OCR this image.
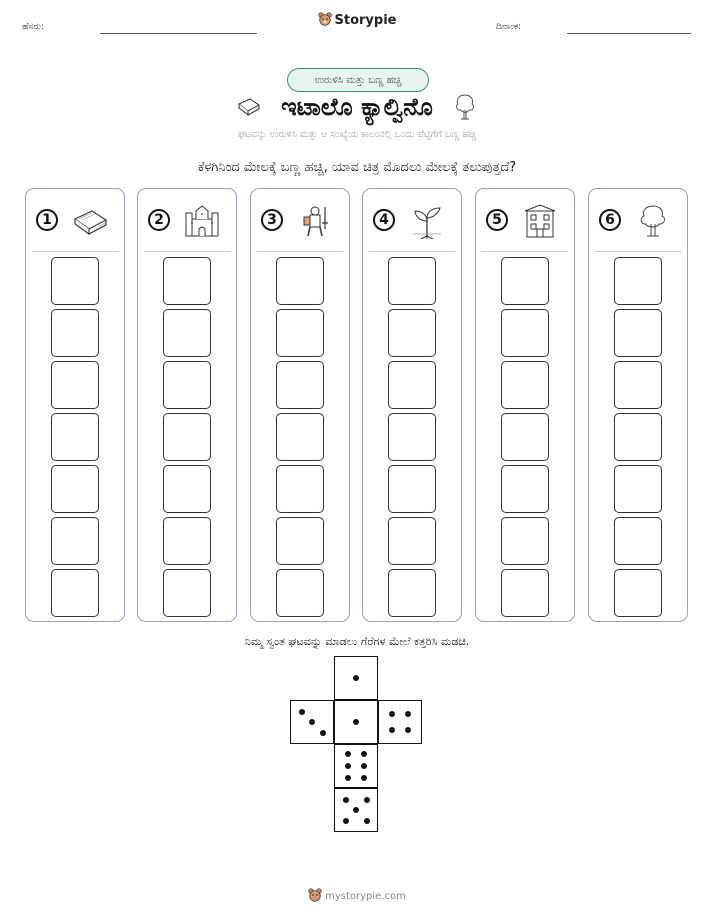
ಹೆಸರು:	ದಿನಾಂಕ:
Storypie
ಉರುಳಿಸಿ ಮತ್ತು ಬಣ್ಣ ಹಚ್ಚಿ
ಇಟಾಲೊ ಕ್ಯಾಲ್ವಿನೊ
ಘಟವನ್ನು ಉರುಳಿಸಿ ಮತ್ತು ಆ ಸಂಖ್ಯೆಯ ಕಾಲಂನಲ್ಲಿ ಒಂದು ಪೆಟ್ಟಿಗೆಗೆ ಬಣ್ಣ ಹಚ್ಚಿ
ಕೆಳಗಿನಿಂದ ಮೇಲಕ್ಕೆ ಬಣ್ಣ ಹಚ್ಚಿ, ಯಾವ ಚಿತ್ರ ಮೊದಲು ಮೇಲಕ್ಕೆ ತಲುಪುತ್ತದೆ?
1	2	3	4	5	6
ನಿಮ್ಮ ಸ್ವಂತ ಘಟವನ್ನು ಮಾಡಲು ಗೆರೆಗಳ ಮೇಲೆ ಕತ್ತರಿಸಿ ಮಡಚಿ.
mystorypie.com
